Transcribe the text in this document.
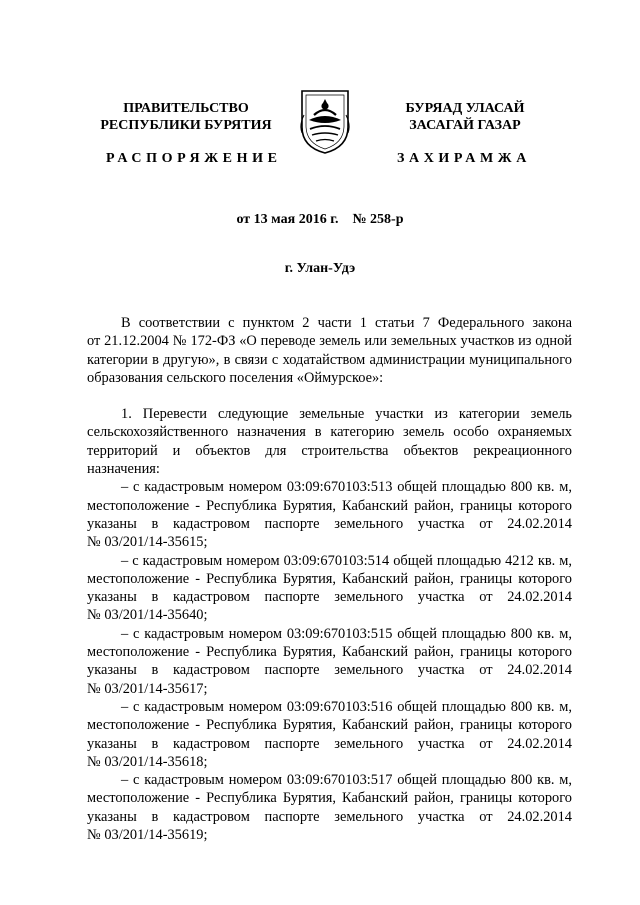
ПРАВИТЕЛЬСТВО
РЕСПУБЛИКИ БУРЯТИЯ
БУРЯАД УЛАСАЙ
ЗАСАГАЙ ГАЗАР
РАСПОРЯЖЕНИЕ	ЗАХИРАМЖА
от 13 мая 2016 г.    № 258-р
г. Улан-Удэ
В соответствии с пунктом 2 части 1 статьи 7 Федерального закона
от 21.12.2004 № 172-ФЗ «О переводе земель или земельных участков из одной
категории в другую», в связи с ходатайством администрации муниципального
образования сельского поселения «Оймурское»:
1. Перевести следующие земельные участки из категории земель
сельскохозяйственного назначения в категорию земель особо охраняемых
территорий и объектов для строительства объектов рекреационного
назначения:
– с кадастровым номером 03:09:670103:513 общей площадью 800 кв. м,
местоположение - Республика Бурятия, Кабанский район, границы которого
указаны в кадастровом паспорте земельного участка от 24.02.2014
№ 03/201/14-35615;
– с кадастровым номером 03:09:670103:514 общей площадью 4212 кв. м,
местоположение - Республика Бурятия, Кабанский район, границы которого
указаны в кадастровом паспорте земельного участка от 24.02.2014
№ 03/201/14-35640;
– с кадастровым номером 03:09:670103:515 общей площадью 800 кв. м,
местоположение - Республика Бурятия, Кабанский район, границы которого
указаны в кадастровом паспорте земельного участка от 24.02.2014
№ 03/201/14-35617;
– с кадастровым номером 03:09:670103:516 общей площадью 800 кв. м,
местоположение - Республика Бурятия, Кабанский район, границы которого
указаны в кадастровом паспорте земельного участка от 24.02.2014
№ 03/201/14-35618;
– с кадастровым номером 03:09:670103:517 общей площадью 800 кв. м,
местоположение - Республика Бурятия, Кабанский район, границы которого
указаны в кадастровом паспорте земельного участка от 24.02.2014
№ 03/201/14-35619;
